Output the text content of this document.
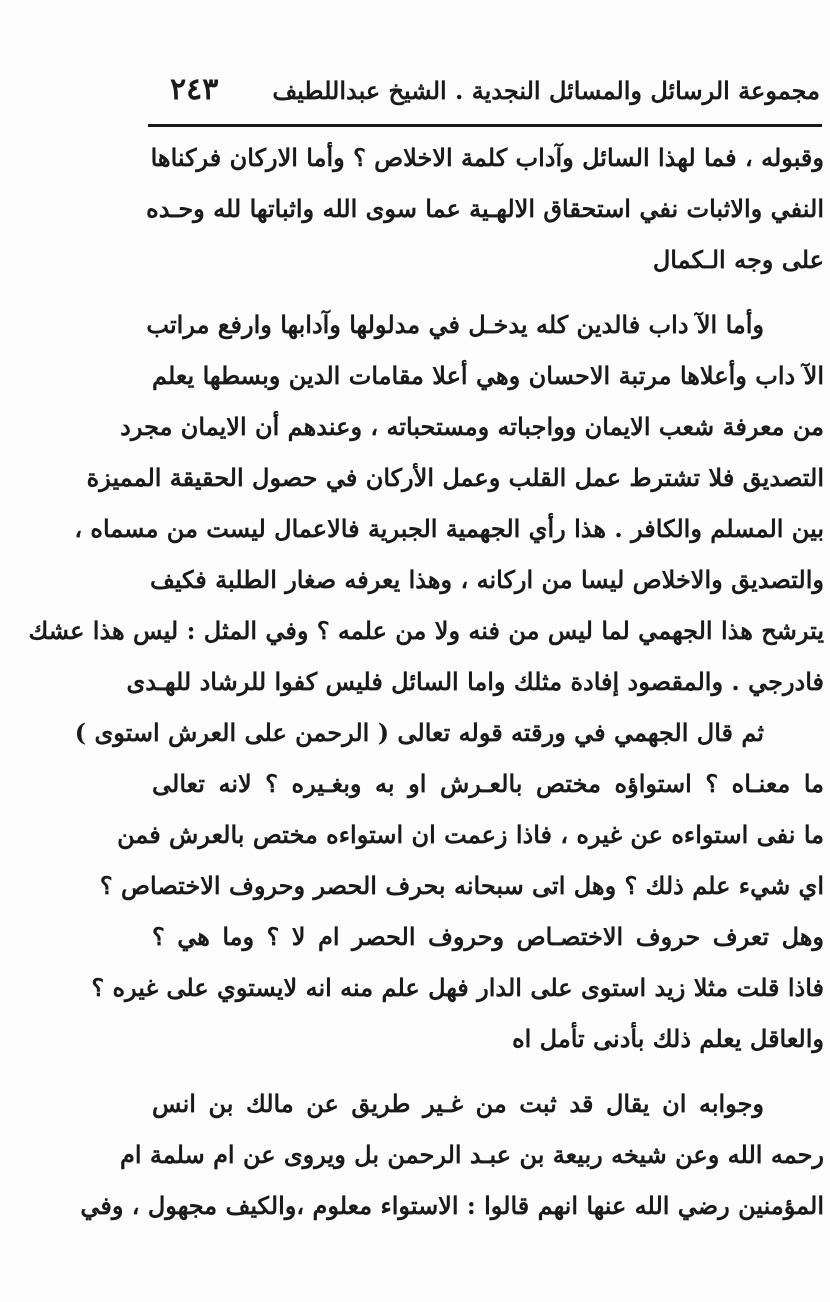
مجموعة الرسائل والمسائل النجدية . الشيخ عبداللطيف
٢٤٣
وقبوله ، فما لهذا السائل وآداب كلمة الاخلاص ؟ وأما الاركان فركناها
النفي والاثبات نفي استحقاق الالهـية عما سوى الله واثباتها لله وحـده
على وجه الـكمال
وأما الآ داب فالدين كله يدخـل في مدلولها وآدابها وارفع مراتب
الآ داب وأعلاها مرتبة الاحسان وهي أعلا مقامات الدين وبسطها يعلم
من معرفة شعب الايمان وواجباته ومستحباته ، وعندهم أن الايمان مجرد
التصديق فلا تشترط عمل القلب وعمل الأركان في حصول الحقيقة المميزة
بين المسلم والكافر . هذا رأي الجهمية الجبرية فالاعمال ليست من مسماه ،
والتصديق والاخلاص ليسا من اركانه ، وهذا يعرفه صغار الطلبة فكيف
يترشح هذا الجهمي لما ليس من فنه ولا من علمه ؟ وفي المثل : ليس هذا عشك
فادرجي . والمقصود إفادة مثلك واما السائل فليس كفوا للرشاد للهـدى
ثم قال الجهمي في ورقته قوله تعالى ( الرحمن على العرش استوى )
ما معنـاه ؟ استواؤه مختص بالعـرش او به وبغـيره ؟ لانه تعالى
ما نفى استواءه عن غيره ، فاذا زعمت ان استواءه مختص بالعرش فمن
اي شيء علم ذلك ؟ وهل اتى سبحانه بحرف الحصر وحروف الاختصاص ؟
وهل تعرف حروف الاختصـاص وحروف الحصر ام لا ؟ وما هي ؟
فاذا قلت مثلا زيد استوى على الدار فهل علم منه انه لايستوي على غيره ؟
والعاقل يعلم ذلك بأدنى تأمل اه
وجوابه ان يقال قد ثبت من غـير طريق عن مالك بن انس
رحمه الله وعن شيخه ربيعة بن عبـد الرحمن بل ويروى عن ام سلمة ام
المؤمنين رضي الله عنها انهم قالوا : الاستواء معلوم ،والكيف مجهول ، وفي
